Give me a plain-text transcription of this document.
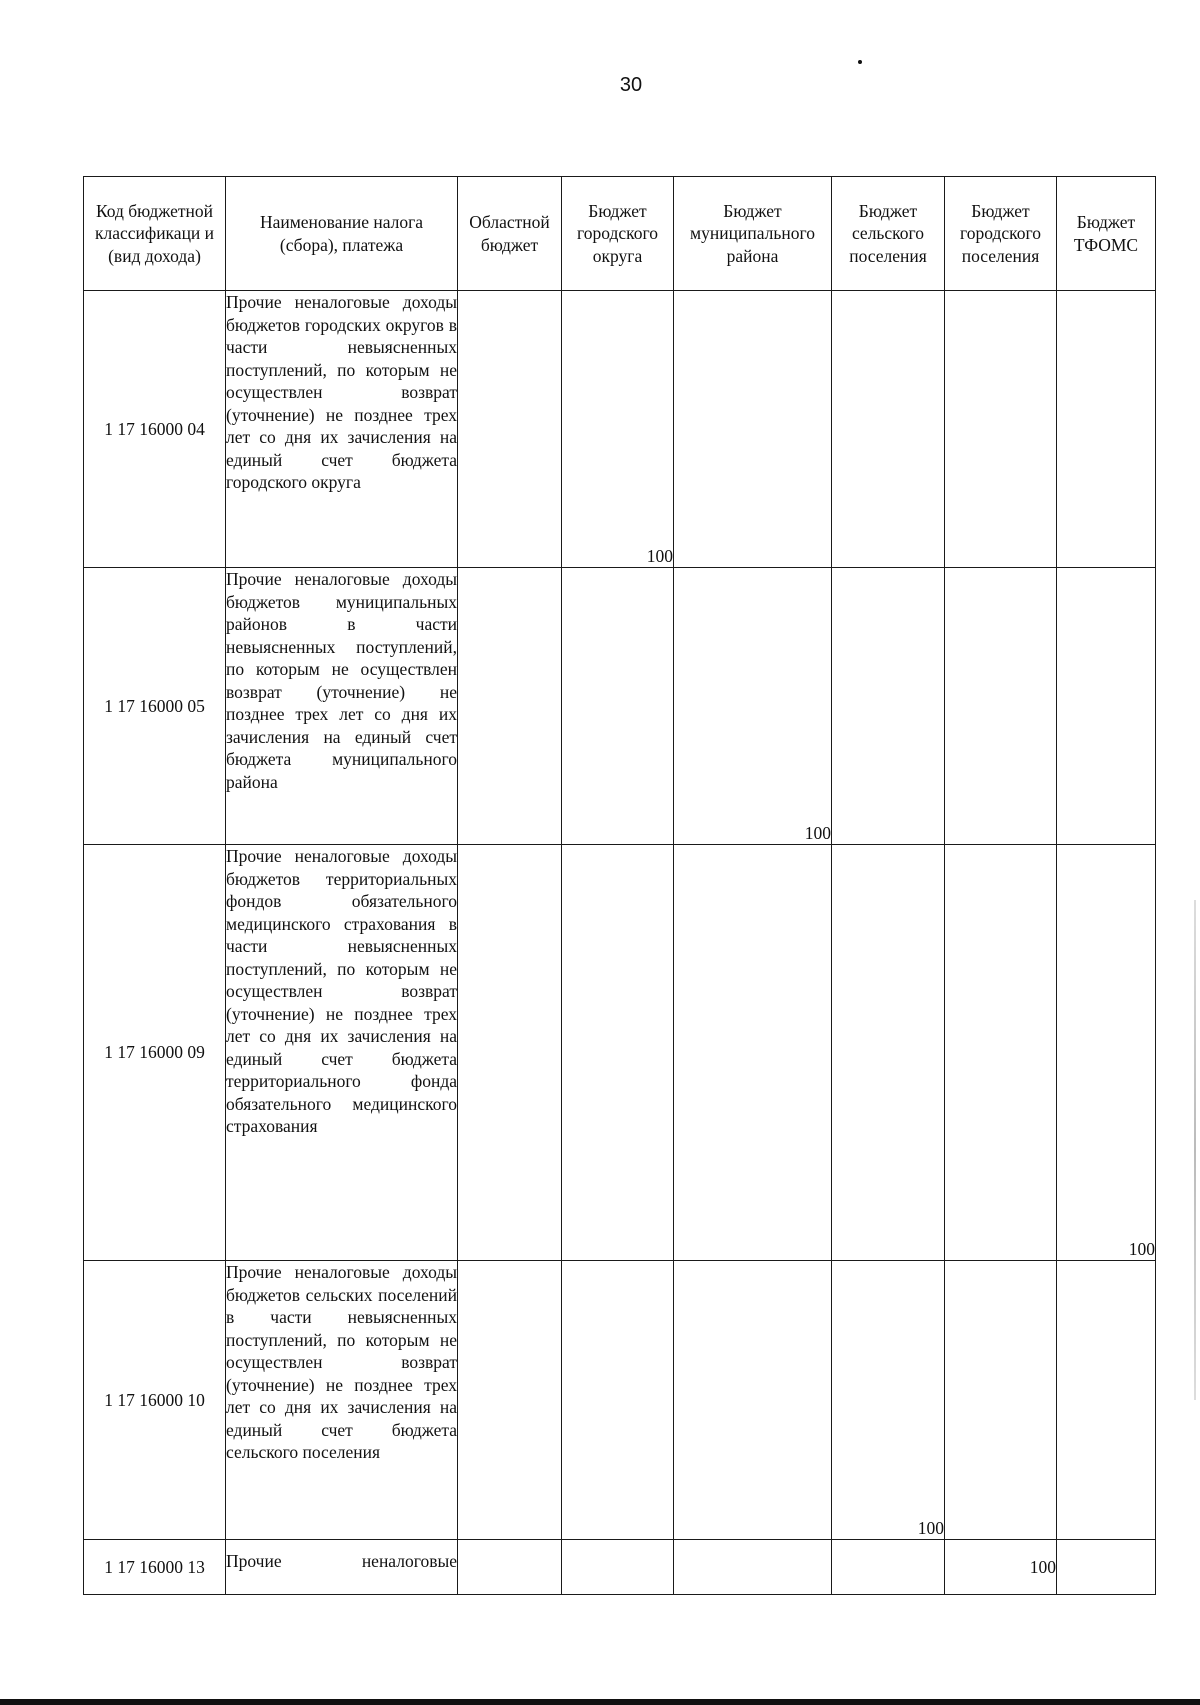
30
Код бюджетной классификаци и (вид дохода)	Наименование налога (сбора), платежа	Областной бюджет	Бюджет городского округа	Бюджет муниципального района	Бюджет сельского поселения	Бюджет городского поселения	Бюджет ТФОМС
1 17 16000 04	Прочие неналоговые доходы бюджетов городских округов в части невыясненных поступлений, по которым не осуществлен возврат (уточнение) не позднее трех лет со дня их зачисления на единый счет бюджета городского округа		100				
1 17 16000 05	Прочие неналоговые доходы бюджетов муниципальных районов в части невыясненных поступлений, по которым не осуществлен возврат (уточнение) не позднее трех лет со дня их зачисления на единый счет бюджета муниципального района			100			
1 17 16000 09	Прочие неналоговые доходы бюджетов территориальных фондов обязательного медицинского страхования в части невыясненных поступлений, по которым не осуществлен возврат (уточнение) не позднее трех лет со дня их зачисления на единый счет бюджета территориального фонда обязательного медицинского страхования						100
1 17 16000 10	Прочие неналоговые доходы бюджетов сельских поселений в части невыясненных поступлений, по которым не осуществлен возврат (уточнение) не позднее трех лет со дня их зачисления на единый счет бюджета сельского поселения				100		
1 17 16000 13	Прочие неналоговые					100	
